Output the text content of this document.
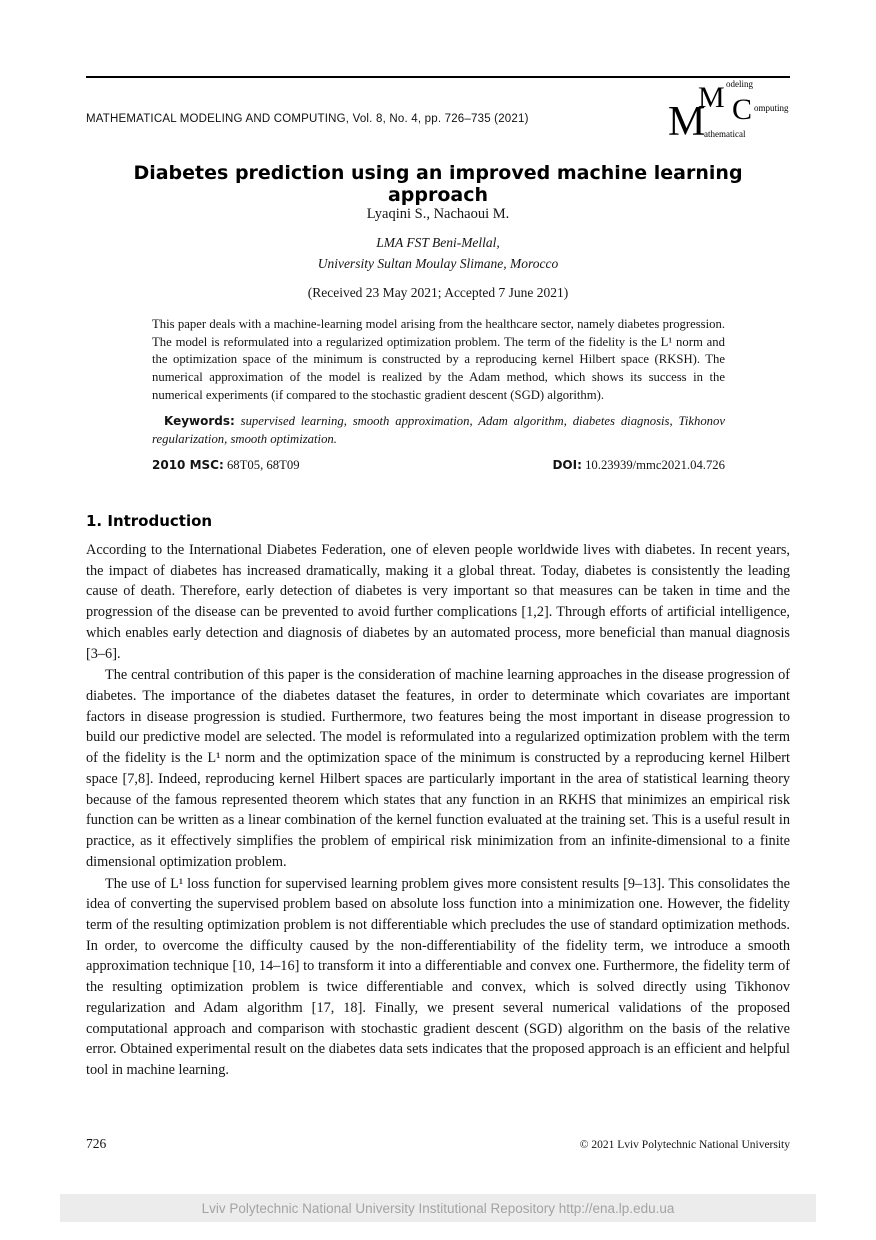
MATHEMATICAL MODELING AND COMPUTING, Vol. 8, No. 4, pp. 726–735 (2021)	M
athematical
M odeling
C omputing
Diabetes prediction using an improved machine learning approach
Lyaqini S., Nachaoui M.
LMA FST Beni-Mellal,
University Sultan Moulay Slimane, Morocco
(Received 23 May 2021; Accepted 7 June 2021)
This paper deals with a machine-learning model arising from the healthcare sector, namely diabetes progression. The model is reformulated into a regularized optimization problem. The term of the fidelity is the L¹ norm and the optimization space of the minimum is constructed by a reproducing kernel Hilbert space (RKSH). The numerical approximation of the model is realized by the Adam method, which shows its success in the numerical experiments (if compared to the stochastic gradient descent (SGD) algorithm).
Keywords: supervised learning, smooth approximation, Adam algorithm, diabetes diagnosis, Tikhonov regularization, smooth optimization.
2010 MSC: 68T05, 68T09	DOI: 10.23939/mmc2021.04.726
1. Introduction

According to the International Diabetes Federation, one of eleven people worldwide lives with diabetes. In recent years, the impact of diabetes has increased dramatically, making it a global threat. Today, diabetes is consistently the leading cause of death. Therefore, early detection of diabetes is very important so that measures can be taken in time and the progression of the disease can be prevented to avoid further complications [1,2]. Through efforts of artificial intelligence, which enables early detection and diagnosis of diabetes by an automated process, more beneficial than manual diagnosis [3–6].

The central contribution of this paper is the consideration of machine learning approaches in the disease progression of diabetes. The importance of the diabetes dataset the features, in order to determinate which covariates are important factors in disease progression is studied. Furthermore, two features being the most important in disease progression to build our predictive model are selected. The model is reformulated into a regularized optimization problem with the term of the fidelity is the L¹ norm and the optimization space of the minimum is constructed by a reproducing kernel Hilbert space [7,8]. Indeed, reproducing kernel Hilbert spaces are particularly important in the area of statistical learning theory because of the famous represented theorem which states that any function in an RKHS that minimizes an empirical risk function can be written as a linear combination of the kernel function evaluated at the training set. This is a useful result in practice, as it effectively simplifies the problem of empirical risk minimization from an infinite-dimensional to a finite dimensional optimization problem.

The use of L¹ loss function for supervised learning problem gives more consistent results [9–13]. This consolidates the idea of converting the supervised problem based on absolute loss function into a minimization one. However, the fidelity term of the resulting optimization problem is not differentiable which precludes the use of standard optimization methods. In order, to overcome the difficulty caused by the non-differentiability of the fidelity term, we introduce a smooth approximation technique [10, 14–16] to transform it into a differentiable and convex one. Furthermore, the fidelity term of the resulting optimization problem is twice differentiable and convex, which is solved directly using Tikhonov regularization and Adam algorithm [17, 18]. Finally, we present several numerical validations of the proposed computational approach and comparison with stochastic gradient descent (SGD) algorithm on the basis of the relative error. Obtained experimental result on the diabetes data sets indicates that the proposed approach is an efficient and helpful tool in machine learning.

726	© 2021 Lviv Polytechnic National University
Lviv Polytechnic National University Institutional Repository http://ena.lp.edu.ua
